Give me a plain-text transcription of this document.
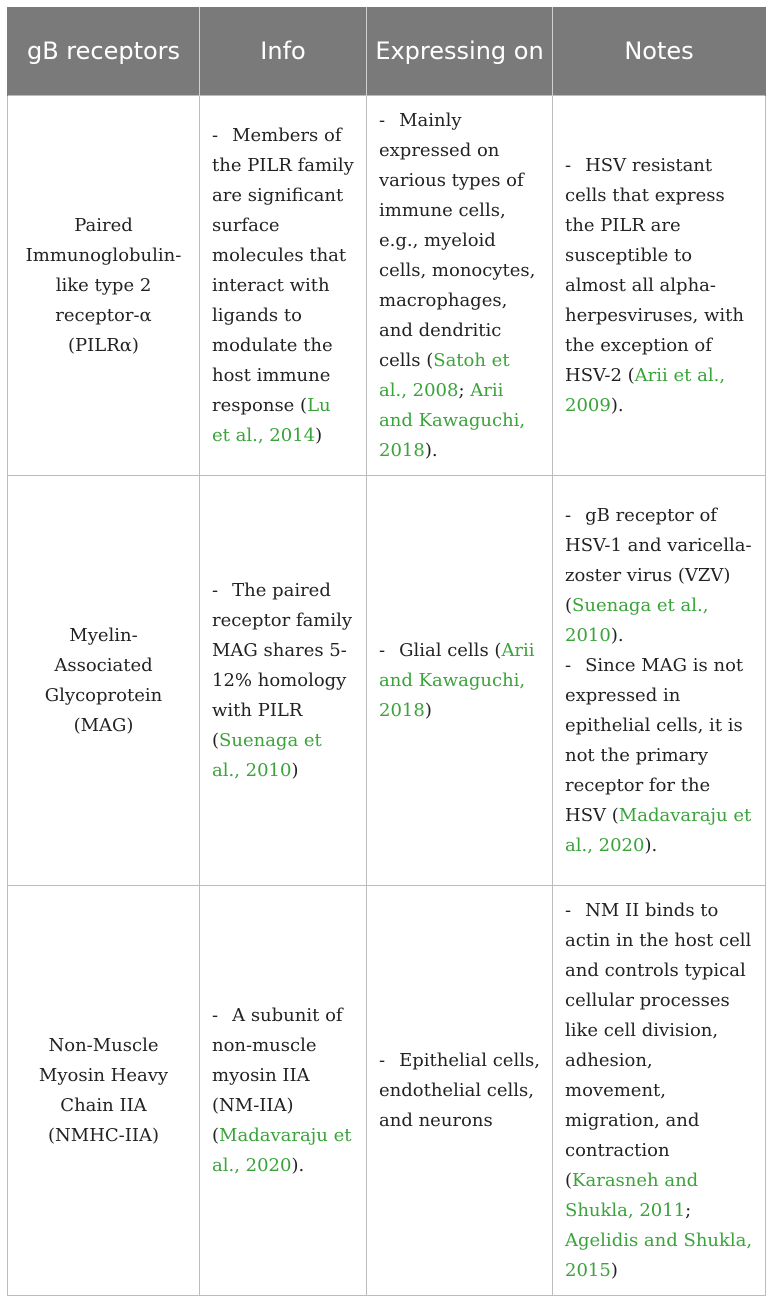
gB receptors	Info	Expressing on	Notes
Paired Immunoglobulin-like type 2 receptor-α (PILRα)	- Members of the PILR family are significant surface molecules that interact with ligands to modulate the host immune response (Lu et al., 2014)	- Mainly expressed on various types of immune cells, e.g., myeloid cells, monocytes, macrophages, and dendritic cells (Satoh et al., 2008; Arii and Kawaguchi, 2018).	- HSV resistant cells that express the PILR are susceptible to almost all alpha-herpesviruses, with the exception of HSV-2 (Arii et al., 2009).

Myelin-Associated Glycoprotein (MAG)	- The paired receptor family MAG shares 5-12% homology with PILR (Suenaga et al., 2010)	- Glial cells (Arii and Kawaguchi, 2018)	- gB receptor of HSV-1 and varicella-zoster virus (VZV) (Suenaga et al., 2010).
- Since MAG is not expressed in epithelial cells, it is not the primary receptor for the HSV (Madavaraju et al., 2020).

Non-Muscle Myosin Heavy Chain IIA (NMHC-IIA)	- A subunit of non-muscle myosin IIA (NM-IIA) (Madavaraju et al., 2020).	- Epithelial cells, endothelial cells, and neurons	- NM II binds to actin in the host cell and controls typical cellular processes like cell division, adhesion, movement, migration, and contraction (Karasneh and Shukla, 2011; Agelidis and Shukla, 2015)
